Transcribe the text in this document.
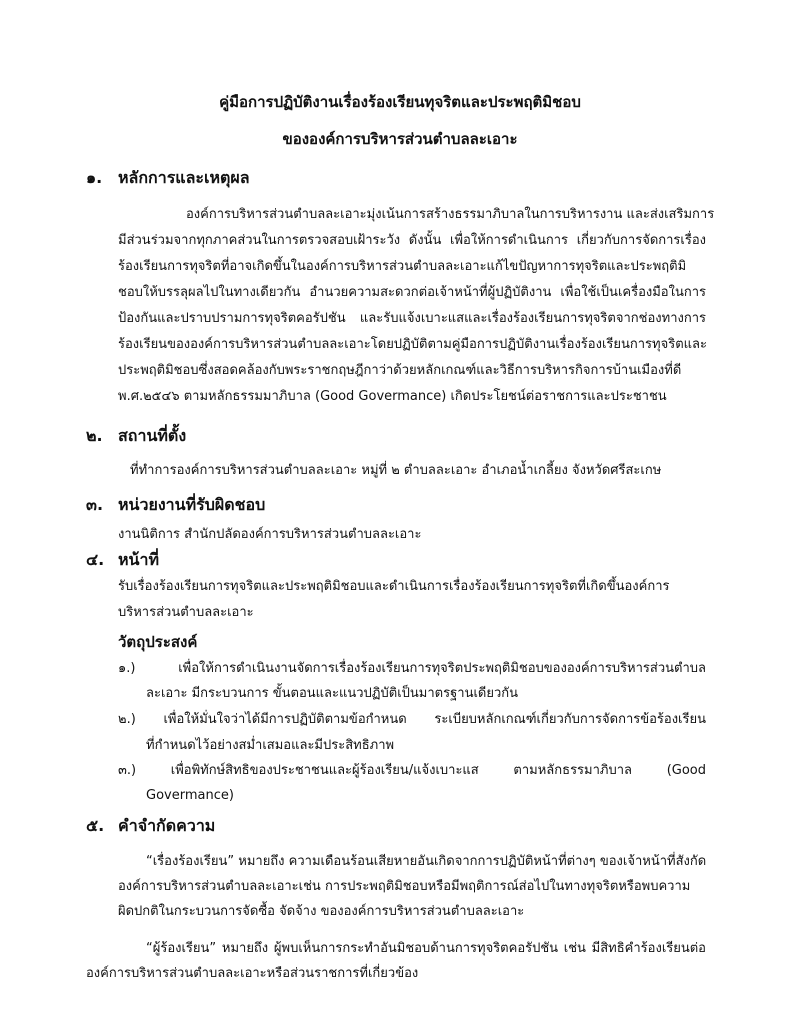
คู่มือการปฏิบัติงานเรื่องร้องเรียนทุจริตและประพฤติมิชอบ
ขององค์การบริหารส่วนตำบลละเอาะ
๑. หลักการและเหตุผล
องค์การบริหารส่วนตำบลละเอาะมุ่งเน้นการสร้างธรรมาภิบาลในการบริหารงาน และส่งเสริมการ
มีส่วนร่วมจากทุกภาคส่วนในการตรวจสอบเฝ้าระวัง ดังนั้น เพื่อให้การดำเนินการ เกี่ยวกับการจัดการเรื่อง
ร้องเรียนการทุจริตที่อาจเกิดขึ้นในองค์การบริหารส่วนตำบลละเอาะแก้ไขปัญหาการทุจริตและประพฤติมิ
ชอบให้บรรลุผลไปในทางเดียวกัน อำนวยความสะดวกต่อเจ้าหน้าที่ผู้ปฏิบัติงาน เพื่อใช้เป็นเครื่องมือในการ
ป้องกันและปราบปรามการทุจริตคอรัปชัน และรับแจ้งเบาะแสและเรื่องร้องเรียนการทุจริตจากช่องทางการ
ร้องเรียนขององค์การบริหารส่วนตำบลละเอาะโดยปฏิบัติตามคู่มือการปฏิบัติงานเรื่องร้องเรียนการทุจริตและ
ประพฤติมิชอบซึ่งสอดคล้องกับพระราชกฤษฎีกาว่าด้วยหลักเกณฑ์และวิธีการบริหารกิจการบ้านเมืองที่ดี
พ.ศ.๒๕๔๖ ตามหลักธรรมมาภิบาล (Good Govermance) เกิดประโยชน์ต่อราชการและประชาชน
๒. สถานที่ตั้ง
ที่ทำการองค์การบริหารส่วนตำบลละเอาะ หมู่ที่ ๒ ตำบลละเอาะ อำเภอน้ำเกลี้ยง จังหวัดศรีสะเกษ
๓. หน่วยงานที่รับผิดชอบ
งานนิติการ สำนักปลัดองค์การบริหารส่วนตำบลละเอาะ
๔. หน้าที่
รับเรื่องร้องเรียนการทุจริตและประพฤติมิชอบและดำเนินการเรื่องร้องเรียนการทุจริตที่เกิดขึ้นองค์การ
บริหารส่วนตำบลละเอาะ
วัตถุประสงค์
๑.) เพื่อให้การดำเนินงานจัดการเรื่องร้องเรียนการทุจริตประพฤติมิชอบขององค์การบริหารส่วนตำบล
ละเอาะ มีกระบวนการ ขั้นตอนและแนวปฏิบัติเป็นมาตรฐานเดียวกัน
๒.) เพื่อให้มั่นใจว่าได้มีการปฏิบัติตามข้อกำหนด ระเบียบหลักเกณฑ์เกี่ยวกับการจัดการข้อร้องเรียน
ที่กำหนดไว้อย่างสม่ำเสมอและมีประสิทธิภาพ
๓.) เพื่อพิทักษ์สิทธิของประชาชนและผู้ร้องเรียน/แจ้งเบาะแส ตามหลักธรรมาภิบาล (Good
Govermance)
๕. คำจำกัดความ
“เรื่องร้องเรียน” หมายถึง ความเดือนร้อนเสียหายอันเกิดจากการปฏิบัติหน้าที่ต่างๆ ของเจ้าหน้าที่สังกัด
องค์การบริหารส่วนตำบลละเอาะเช่น การประพฤติมิชอบหรือมีพฤติการณ์ส่อไปในทางทุจริตหรือพบความ
ผิดปกติในกระบวนการจัดซื้อ จัดจ้าง ขององค์การบริหารส่วนตำบลละเอาะ
“ผู้ร้องเรียน” หมายถึง ผู้พบเห็นการกระทำอันมิชอบด้านการทุจริตคอรัปชัน เช่น มีสิทธิคำร้องเรียนต่อ
องค์การบริหารส่วนตำบลละเอาะหรือส่วนราชการที่เกี่ยวข้อง
